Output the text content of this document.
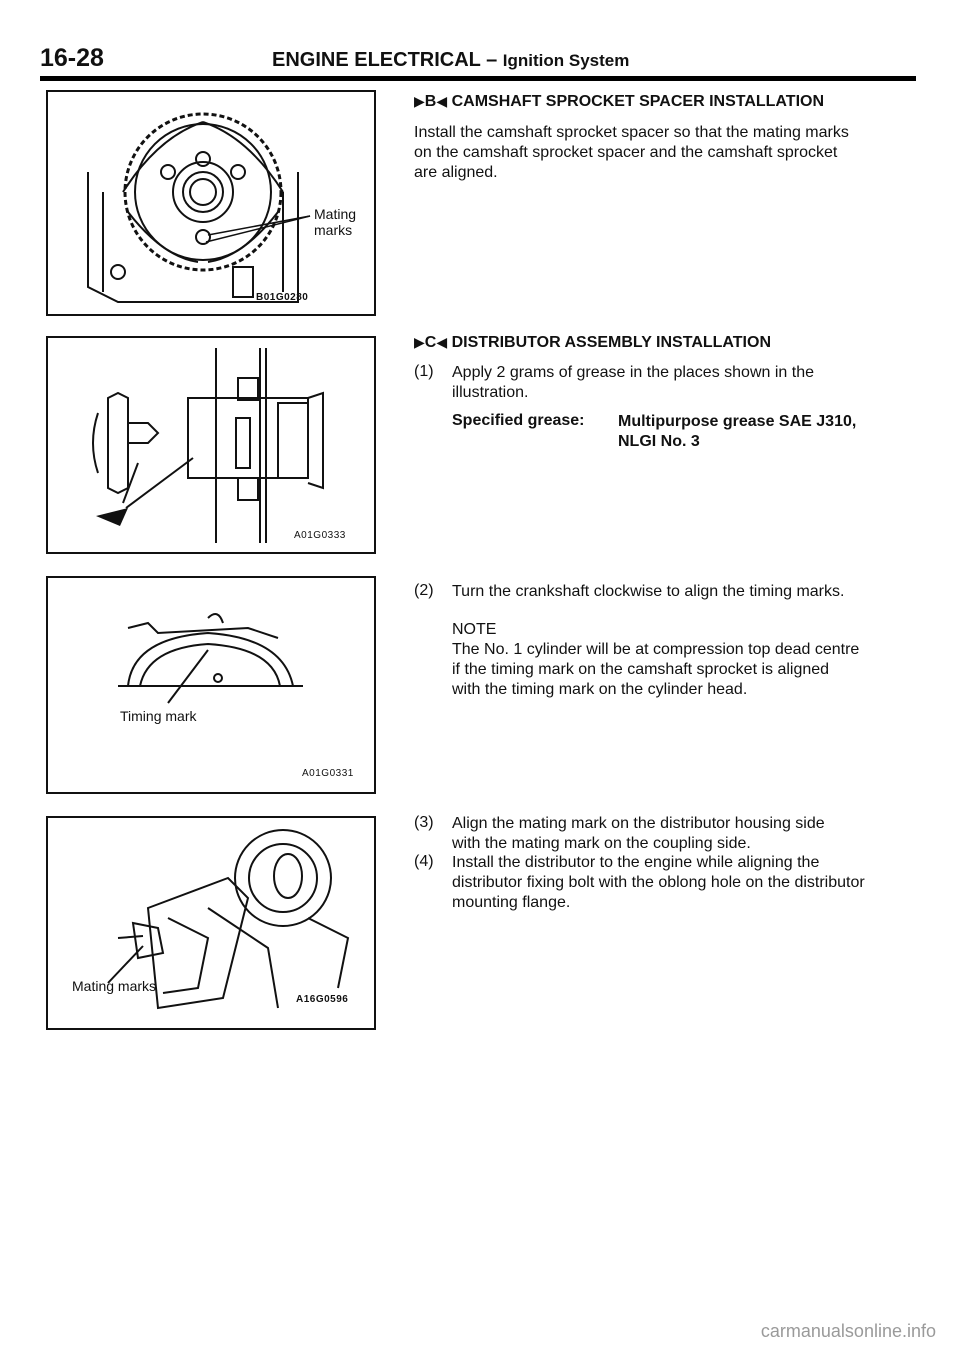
16-28	ENGINE ELECTRICAL – Ignition System
Mating
marks
B01G0280
A01G0333
Timing mark
A01G0331
Mating marks
A16G0596
▶B◀ CAMSHAFT SPROCKET SPACER INSTALLATION
Install the camshaft sprocket spacer so that the mating marks
on the camshaft sprocket spacer and the camshaft sprocket
are aligned.
▶C◀ DISTRIBUTOR ASSEMBLY INSTALLATION
(1) Apply 2 grams of grease in the places shown in the
illustration.
Specified grease: Multipurpose grease SAE J310,
NLGI No. 3
(2) Turn the crankshaft clockwise to align the timing marks.
NOTE
The No. 1 cylinder will be at compression top dead centre
if the timing mark on the camshaft sprocket is aligned
with the timing mark on the cylinder head.
(3) Align the mating mark on the distributor housing side
with the mating mark on the coupling side.
(4) Install the distributor to the engine while aligning the
distributor fixing bolt with the oblong hole on the distributor
mounting flange.
carmanualsonline.info
